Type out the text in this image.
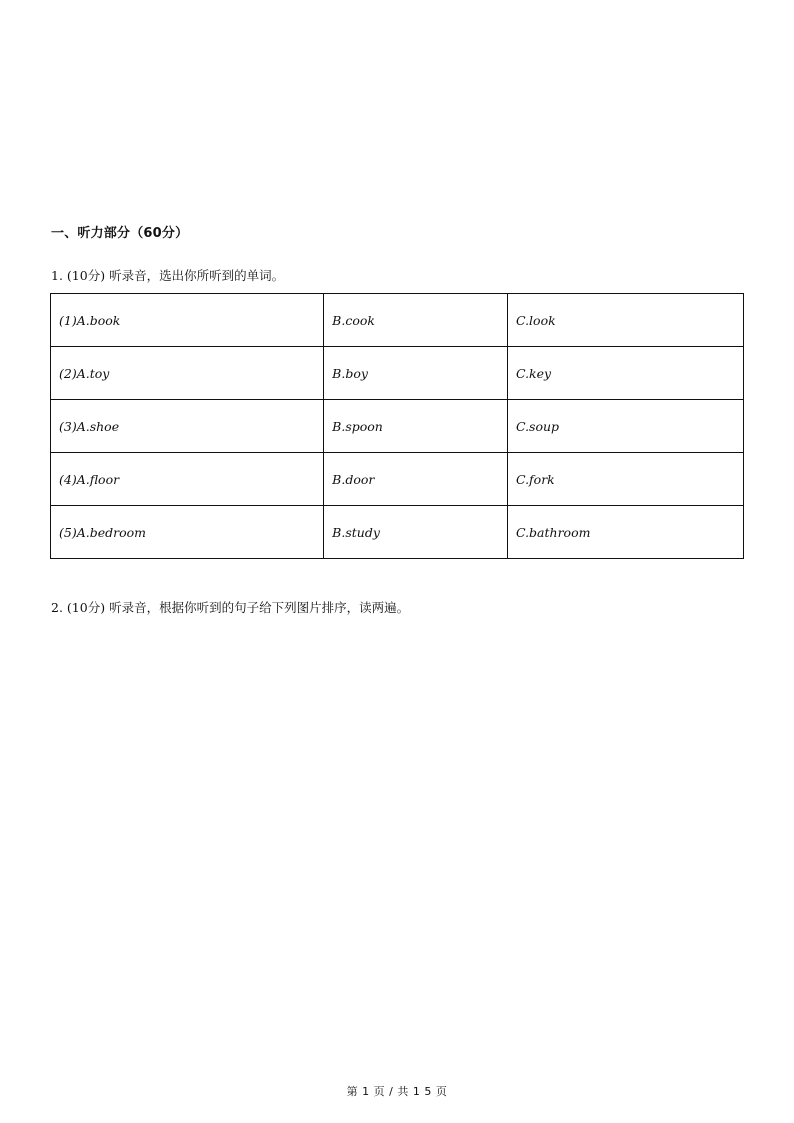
一、听力部分（60分）
1. (10分) 听录音，选出你所听到的单词。
(1)A.book	B.cook	C.look
(2)A.toy	B.boy	C.key
(3)A.shoe	B.spoon	C.soup
(4)A.floor	B.door	C.fork
(5)A.bedroom	B.study	C.bathroom
2. (10分) 听录音，根据你听到的句子给下列图片排序，读两遍。
第 1 页 / 共 1 5 页
